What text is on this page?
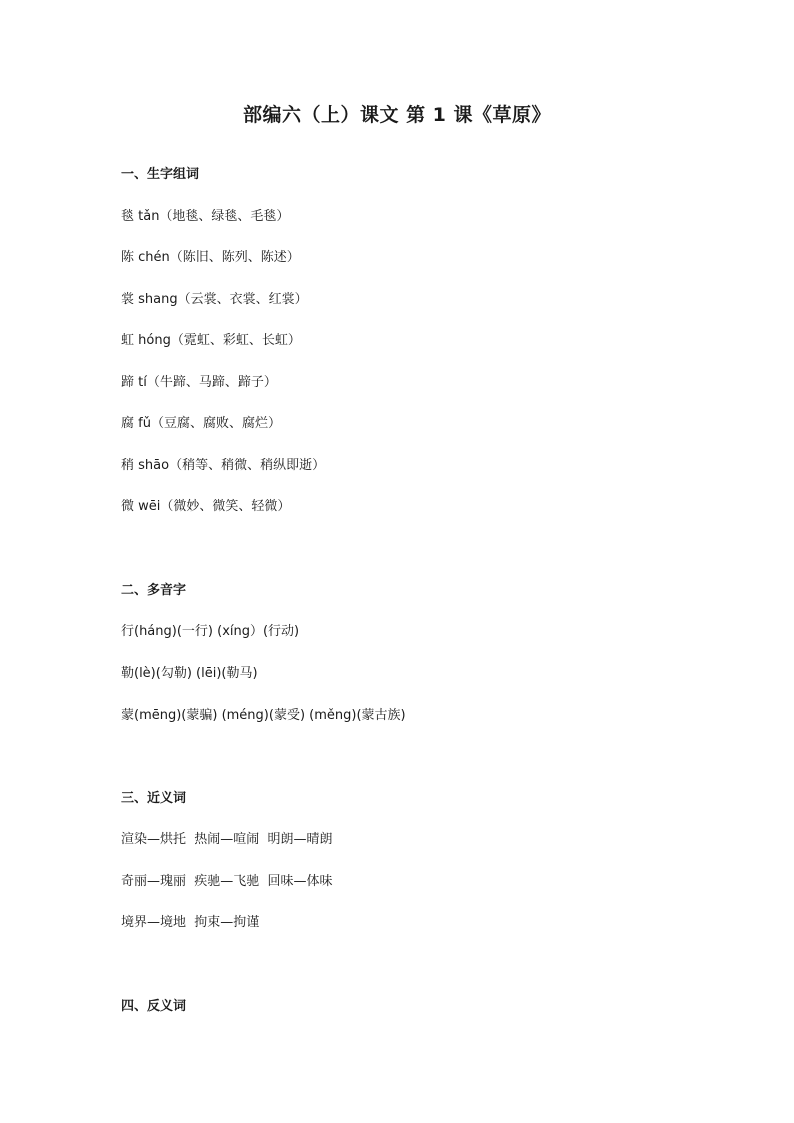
部编六（上）课文 第 1 课《草原》
一、生字组词
毯 tǎn（地毯、绿毯、毛毯）
陈 chén（陈旧、陈列、陈述）
裳 shang（云裳、衣裳、红裳）
虹 hóng（霓虹、彩虹、长虹）
蹄 tí（牛蹄、马蹄、蹄子）
腐 fǔ（豆腐、腐败、腐烂）
稍 shāo（稍等、稍微、稍纵即逝）
微 wēi（微妙、微笑、轻微）
二、多音字
行(háng)(一行) (xíng）(行动)
勒(lè)(勾勒) (lēi)(勒马)
蒙(mēng)(蒙骗) (méng)(蒙受) (měng)(蒙古族)
三、近义词
渲染—烘托  热闹—喧闹  明朗—晴朗
奇丽—瑰丽  疾驰—飞驰  回味—体味
境界—境地  拘束—拘谨
四、反义词
